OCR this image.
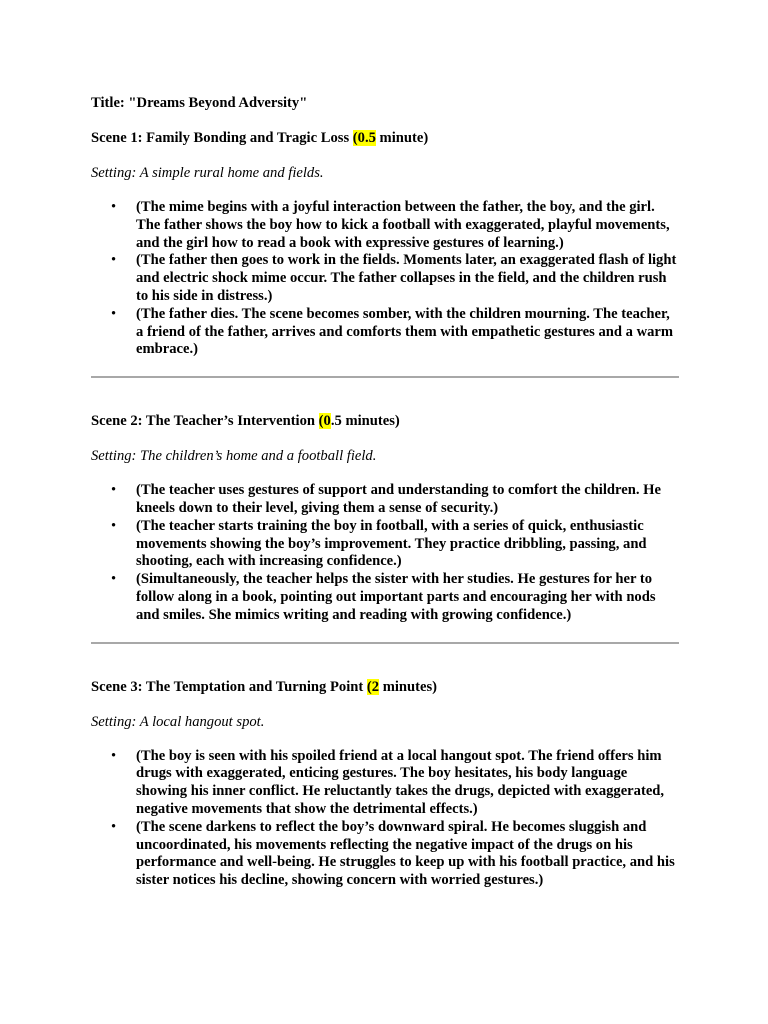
Title: "Dreams Beyond Adversity"

Scene 1: Family Bonding and Tragic Loss (0.5 minute)

Setting: A simple rural home and fields.

• (The mime begins with a joyful interaction between the father, the boy, and the girl. The father shows the boy how to kick a football with exaggerated, playful movements, and the girl how to read a book with expressive gestures of learning.)
• (The father then goes to work in the fields. Moments later, an exaggerated flash of light and electric shock mime occur. The father collapses in the field, and the children rush to his side in distress.)
• (The father dies. The scene becomes somber, with the children mourning. The teacher, a friend of the father, arrives and comforts them with empathetic gestures and a warm embrace.)

Scene 2: The Teacher’s Intervention (0.5 minutes)

Setting: The children’s home and a football field.

• (The teacher uses gestures of support and understanding to comfort the children. He kneels down to their level, giving them a sense of security.)
• (The teacher starts training the boy in football, with a series of quick, enthusiastic movements showing the boy’s improvement. They practice dribbling, passing, and shooting, each with increasing confidence.)
• (Simultaneously, the teacher helps the sister with her studies. He gestures for her to follow along in a book, pointing out important parts and encouraging her with nods and smiles. She mimics writing and reading with growing confidence.)

Scene 3: The Temptation and Turning Point (2 minutes)

Setting: A local hangout spot.

• (The boy is seen with his spoiled friend at a local hangout spot. The friend offers him drugs with exaggerated, enticing gestures. The boy hesitates, his body language showing his inner conflict. He reluctantly takes the drugs, depicted with exaggerated, negative movements that show the detrimental effects.)
• (The scene darkens to reflect the boy’s downward spiral. He becomes sluggish and uncoordinated, his movements reflecting the negative impact of the drugs on his performance and well-being. He struggles to keep up with his football practice, and his sister notices his decline, showing concern with worried gestures.)
